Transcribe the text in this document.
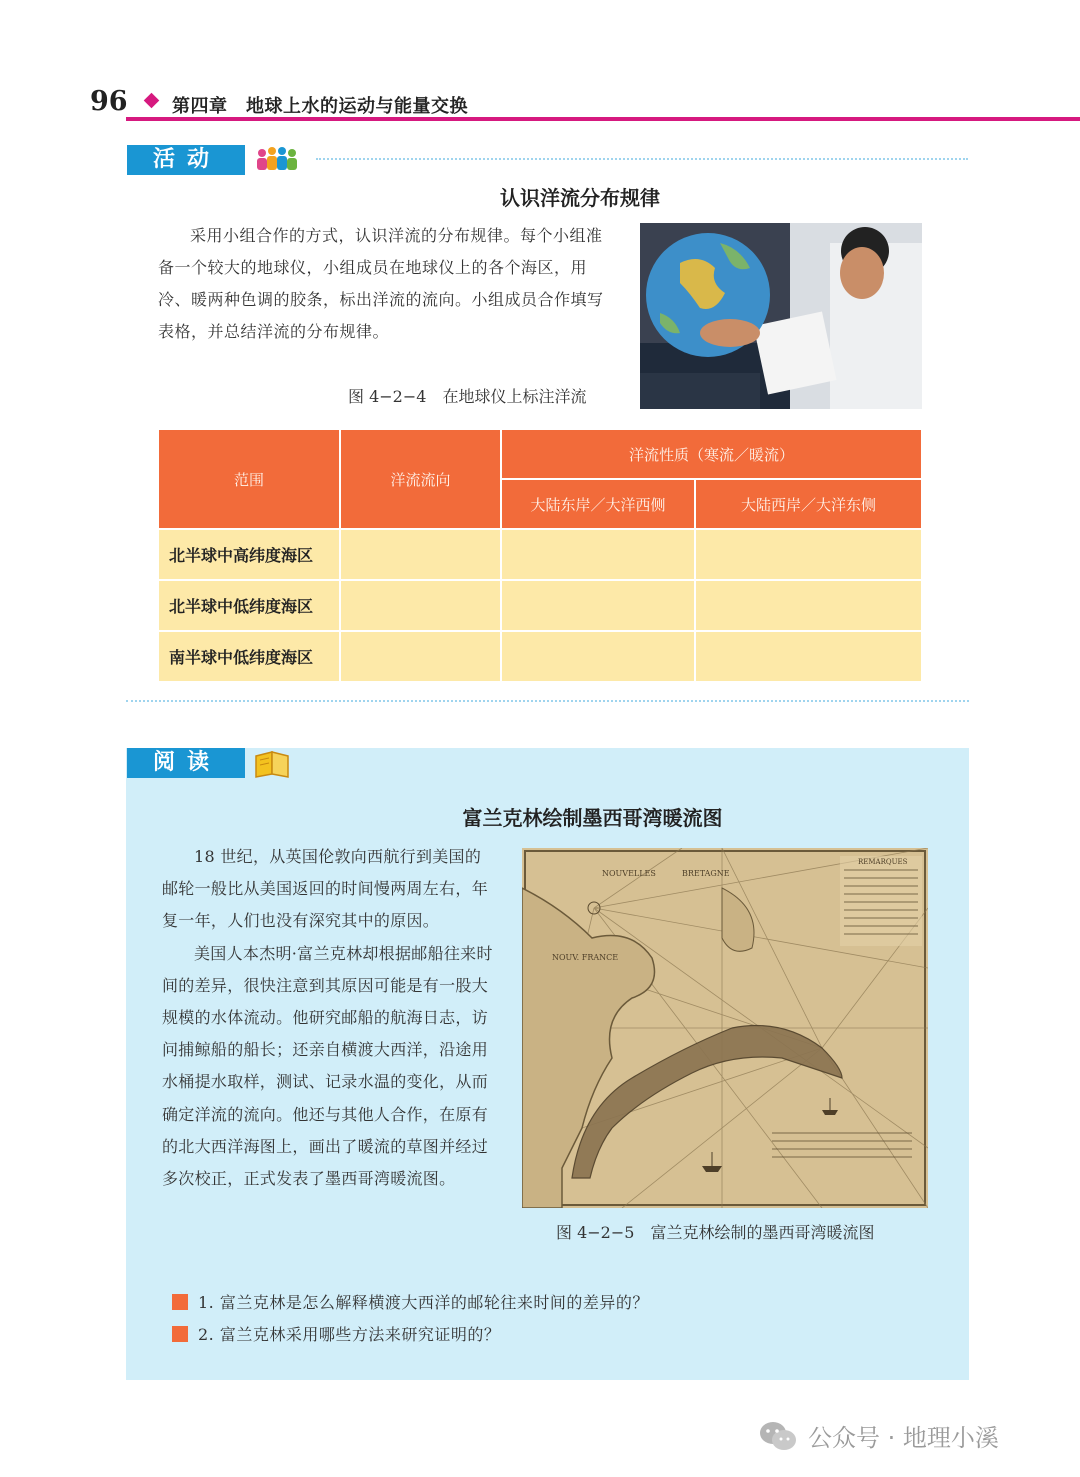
96 第四章　地球上水的运动与能量交换
活动
认识洋流分布规律
采用小组合作的方式，认识洋流的分布规律。每个小组准备一个较大的地球仪，小组成员在地球仪上的各个海区，用冷、暖两种色调的胶条，标出洋流的流向。小组成员合作填写表格，并总结洋流的分布规律。
图 4−2−4　在地球仪上标注洋流
范围	洋流流向	洋流性质（寒流／暖流）	
		大陆东岸／大洋西侧	大陆西岸／大洋东侧
北半球中高纬度海区			
北半球中低纬度海区			
南半球中低纬度海区			
阅读
富兰克林绘制墨西哥湾暖流图

18 世纪，从英国伦敦向西航行到美国的邮轮一般比从美国返回的时间慢两周左右，年复一年，人们也没有深究其中的原因。

美国人本杰明·富兰克林却根据邮船往来时间的差异，很快注意到其原因可能是有一股大规模的水体流动。他研究邮船的航海日志，访问捕鲸船的船长；还亲自横渡大西洋，沿途用水桶提水取样，测试、记录水温的变化，从而确定洋流的流向。他还与其他人合作，在原有的北大西洋海图上，画出了暖流的草图并经过多次校正，正式发表了墨西哥湾暖流图。

NOUVELLES	BRETAGNE
NOUV. FRANCE
REMARQUES
图 4−2−5　富兰克林绘制的墨西哥湾暖流图
1. 富兰克林是怎么解释横渡大西洋的邮轮往来时间的差异的？
2. 富兰克林采用哪些方法来研究证明的？
公众号 · 地理小溪
